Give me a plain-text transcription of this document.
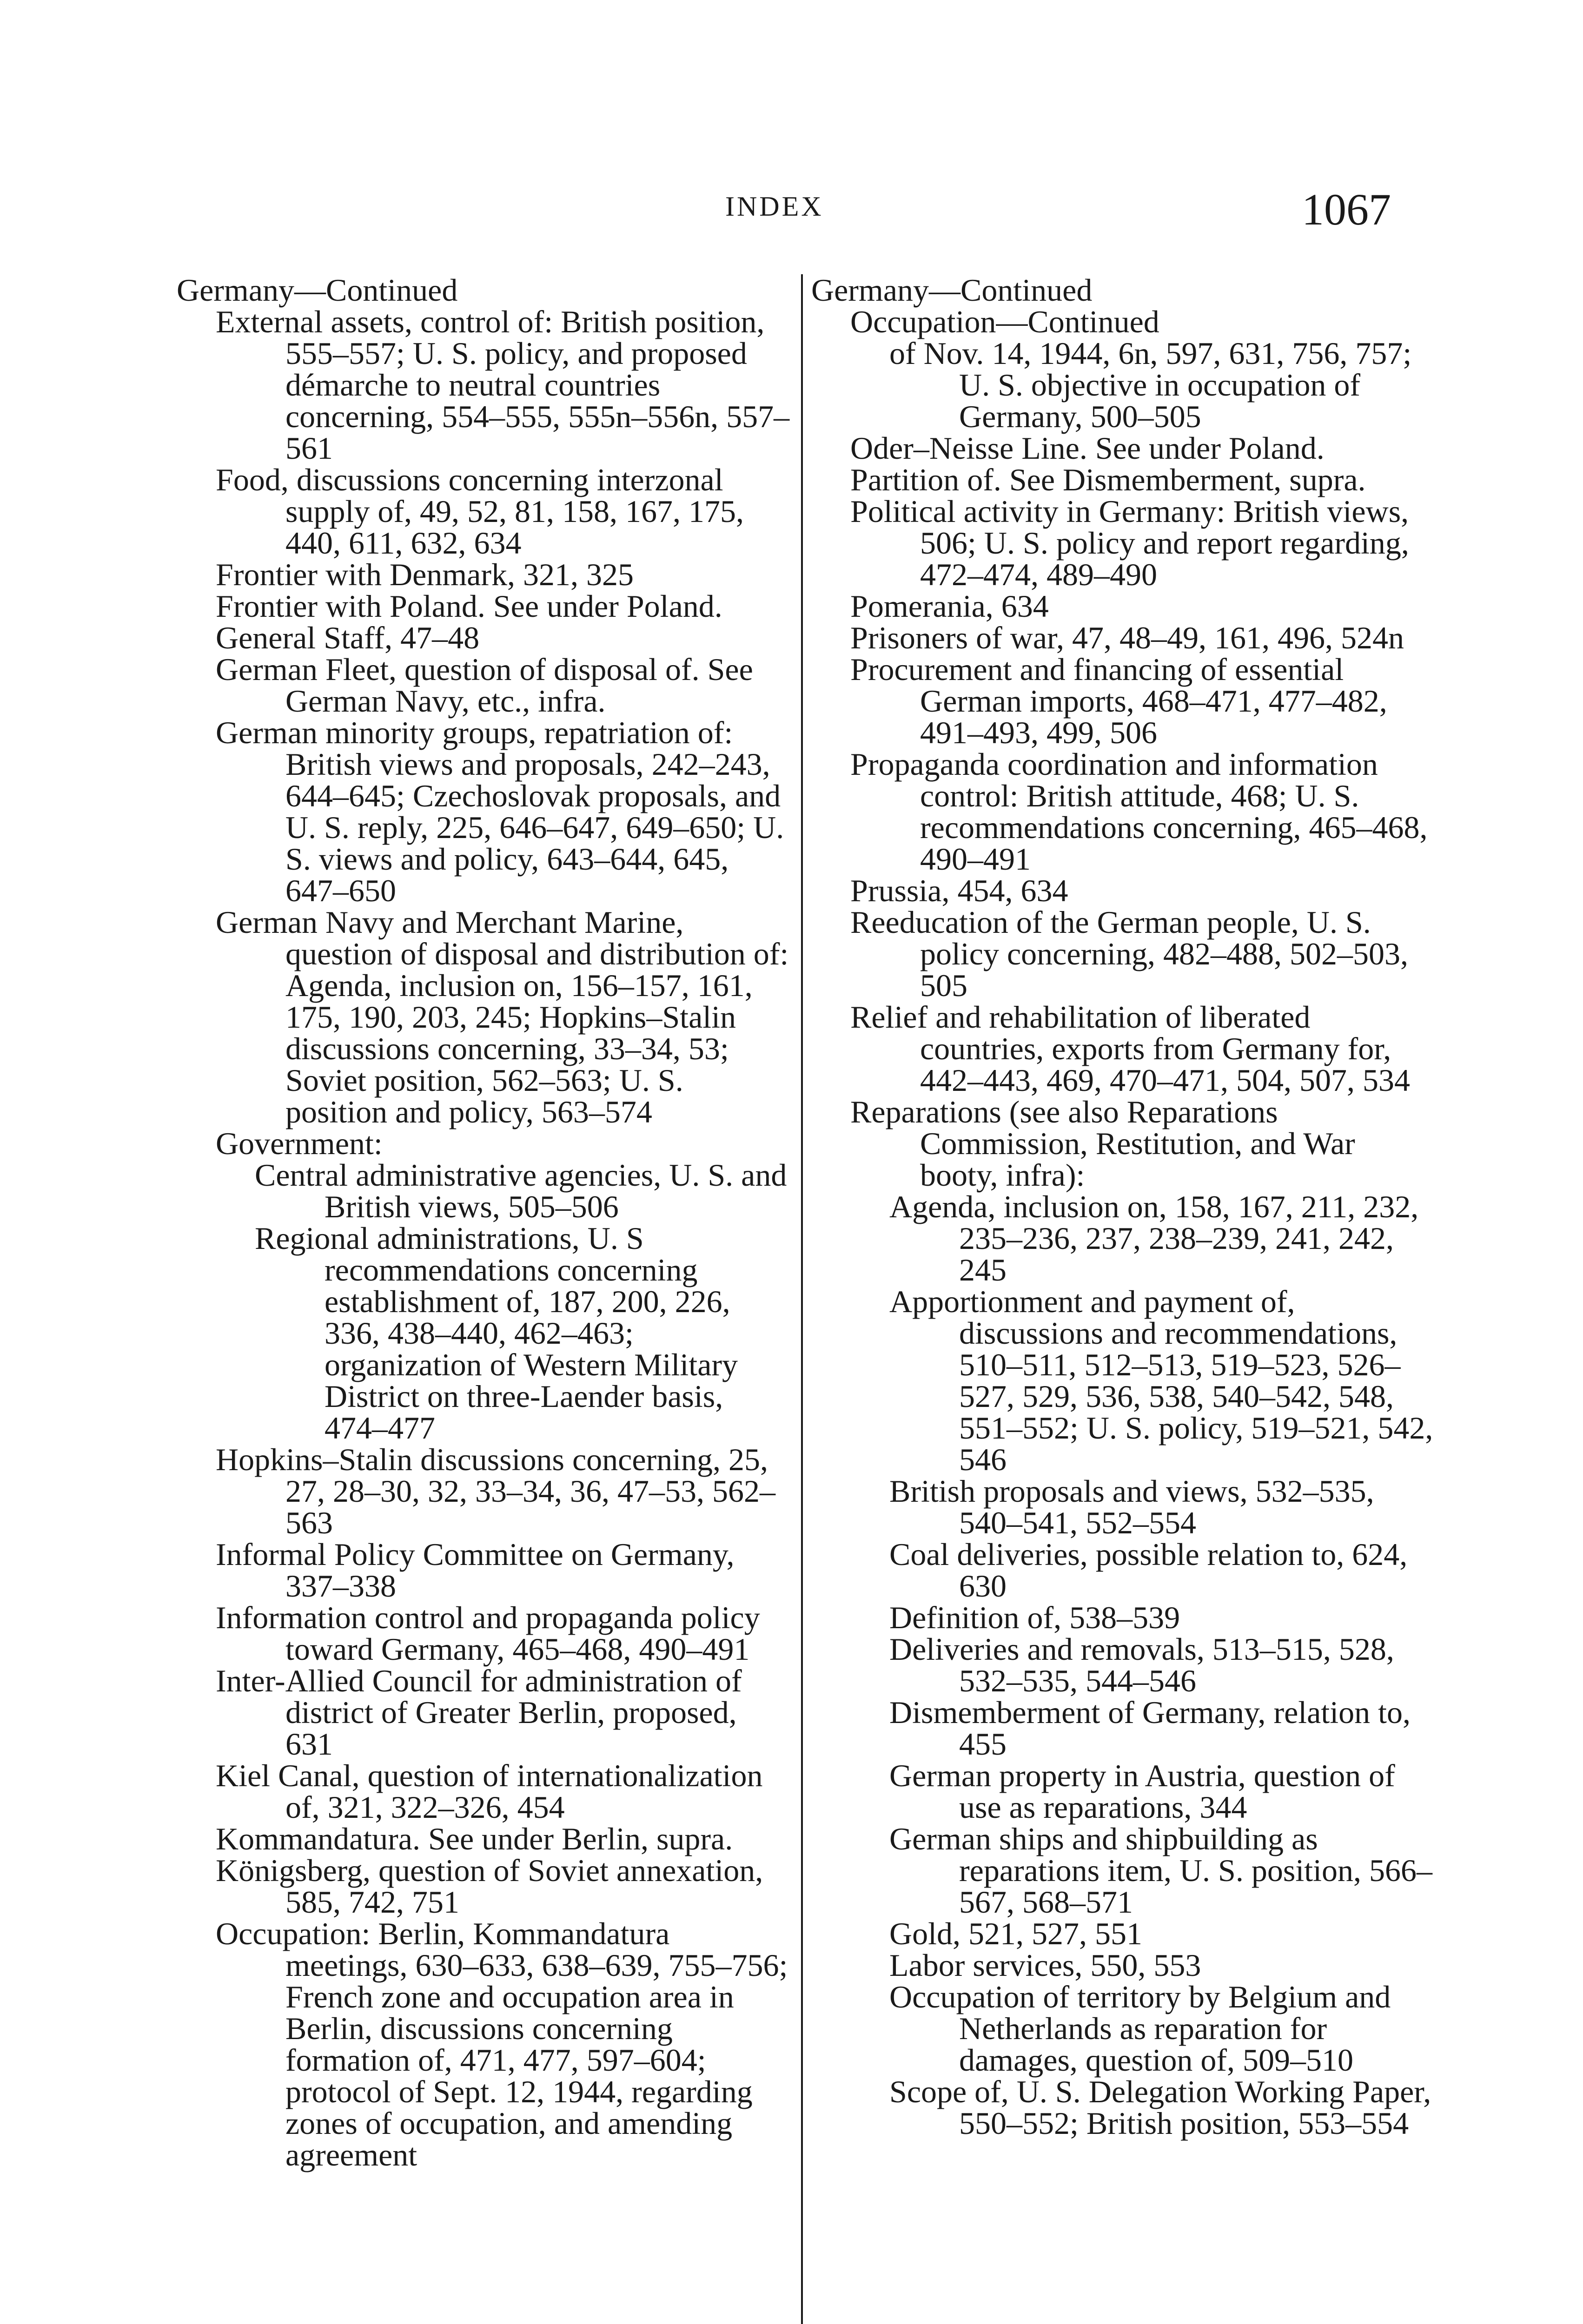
INDEX	1067
Germany—Continued
External assets, control of: British position, 555–557; U. S. policy, and proposed démarche to neutral countries concerning, 554–555, 555n–556n, 557–561
Food, discussions concerning interzonal supply of, 49, 52, 81, 158, 167, 175, 440, 611, 632, 634
Frontier with Denmark, 321, 325
Frontier with Poland. See under Poland.
General Staff, 47–48
German Fleet, question of disposal of. See German Navy, etc., infra.
German minority groups, repatriation of: British views and proposals, 242–243, 644–645; Czechoslovak proposals, and U. S. reply, 225, 646–647, 649–650; U. S. views and policy, 643–644, 645, 647–650
German Navy and Merchant Marine, question of disposal and distribution of: Agenda, inclusion on, 156–157, 161, 175, 190, 203, 245; Hopkins–Stalin discussions concerning, 33–34, 53; Soviet position, 562–563; U. S. position and policy, 563–574
Government:
Central administrative agencies, U. S. and British views, 505–506
Regional administrations, U. S recommendations concerning establishment of, 187, 200, 226, 336, 438–440, 462–463; organization of Western Military District on three-Laender basis, 474–477
Hopkins–Stalin discussions concerning, 25, 27, 28–30, 32, 33–34, 36, 47–53, 562–563
Informal Policy Committee on Germany, 337–338
Information control and propaganda policy toward Germany, 465–468, 490–491
Inter-Allied Council for administration of district of Greater Berlin, proposed, 631
Kiel Canal, question of internationalization of, 321, 322–326, 454
Kommandatura. See under Berlin, supra.
Königsberg, question of Soviet annexation, 585, 742, 751
Occupation: Berlin, Kommandatura meetings, 630–633, 638–639, 755–756; French zone and occupation area in Berlin, discussions concerning formation of, 471, 477, 597–604; protocol of Sept. 12, 1944, regarding zones of occupation, and amending agreement
Germany—Continued
Occupation—Continued
of Nov. 14, 1944, 6n, 597, 631, 756, 757; U. S. objective in occupation of Germany, 500–505
Oder–Neisse Line. See under Poland.
Partition of. See Dismemberment, supra.
Political activity in Germany: British views, 506; U. S. policy and report regarding, 472–474, 489–490
Pomerania, 634
Prisoners of war, 47, 48–49, 161, 496, 524n
Procurement and financing of essential German imports, 468–471, 477–482, 491–493, 499, 506
Propaganda coordination and information control: British attitude, 468; U. S. recommendations concerning, 465–468, 490–491
Prussia, 454, 634
Reeducation of the German people, U. S. policy concerning, 482–488, 502–503, 505
Relief and rehabilitation of liberated countries, exports from Germany for, 442–443, 469, 470–471, 504, 507, 534
Reparations (see also Reparations Commission, Restitution, and War booty, infra):
Agenda, inclusion on, 158, 167, 211, 232, 235–236, 237, 238–239, 241, 242, 245
Apportionment and payment of, discussions and recommendations, 510–511, 512–513, 519–523, 526–527, 529, 536, 538, 540–542, 548, 551–552; U. S. policy, 519–521, 542, 546
British proposals and views, 532–535, 540–541, 552–554
Coal deliveries, possible relation to, 624, 630
Definition of, 538–539
Deliveries and removals, 513–515, 528, 532–535, 544–546
Dismemberment of Germany, relation to, 455
German property in Austria, question of use as reparations, 344
German ships and shipbuilding as reparations item, U. S. position, 566–567, 568–571
Gold, 521, 527, 551
Labor services, 550, 553
Occupation of territory by Belgium and Netherlands as reparation for damages, question of, 509–510
Scope of, U. S. Delegation Working Paper, 550–552; British position, 553–554
